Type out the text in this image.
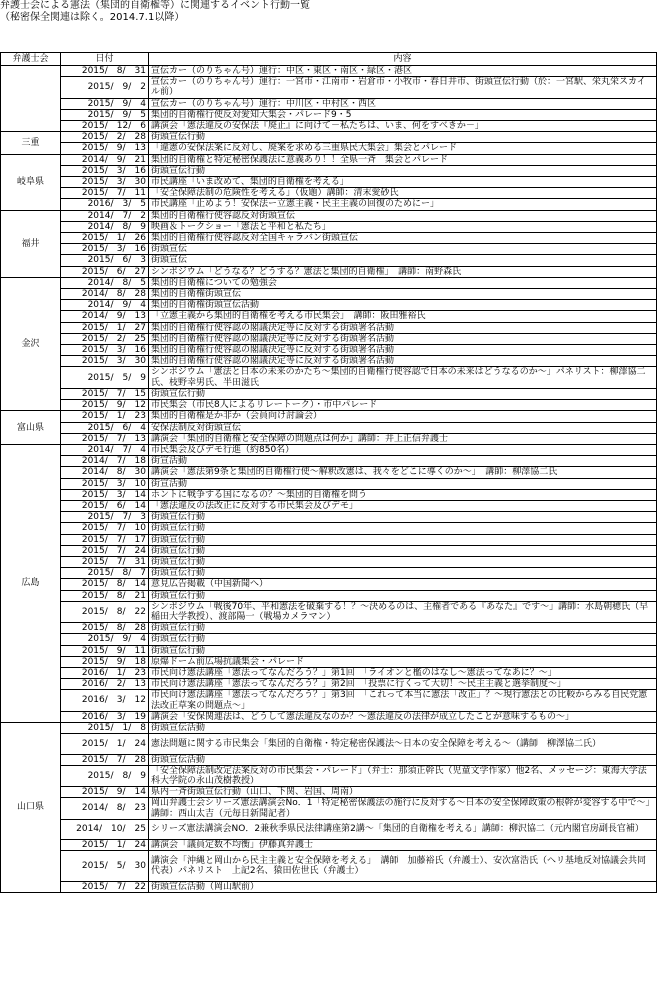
弁護士会による憲法（集団的自衛権等）に関連するイベント行動一覧
（秘密保全関連は除く。2014.7.1以降）
弁護士会	日付	内容
	2015/　8/　31	宣伝カー（のりちゃん号）運行：中区・東区・南区・緑区・港区
	2015/　9/　2	宣伝カー（のりちゃん号）運行：一宮市・江南市・岩倉市・小牧市・春日井市、街頭宣伝行動（於：一宮駅、栄丸栄スカイル前）
	2015/　9/　4	宣伝カー（のりちゃん号）運行：中川区・中村区・西区
	2015/　9/　5	集団的自衛権行使反対愛知大集会・パレード9・5
	2015/　12/　6	講演会「憲法違反の安保法『廃止』に向けて－私たちは、いま、何をすべきか－」
三重	2015/　2/　28	街頭宣伝行動
	2015/　9/　13	「違憲の安保法案に反対し、廃案を求める三重県民大集会」集会とパレード
岐阜県	2014/　9/　21	集団的自衛権と特定秘密保護法に意義あり！！全県一斉　集会とパレード
	2015/　3/　16	街頭宣伝行動
	2015/　3/　30	市民講座「いま改めて、集団的自衛権を考える」
	2015/　7/　11	「安全保障法制の危険性を考える」（仮題）講師：清末愛砂氏
	2016/　3/　5	市民講座「止めよう！安保法ー立憲主義・民主主義の回復のためにー」
福井	2014/　7/　2	集団的自衛権行使容認反対街頭宣伝
	2014/　8/　9	映画＆トークショー「憲法と平和と私たち」
	2015/　1/　26	集団的自衛権行使容認反対全国キャラバン街頭宣伝
	2015/　3/　16	街頭宣伝
	2015/　6/　3	街頭宣伝
	2015/　6/　27	シンポジウム「どうなる？どうする？憲法と集団的自衛権」　講師：南野森氏
金沢	2014/　8/　5	集団的自衛権についての勉強会
	2014/　8/　28	集団的自衛権街頭宣伝
	2014/　9/　4	集団的自衛権街頭宣伝活動
	2014/　9/　13	「立憲主義から集団的自衛権を考える市民集会」　講師：阪田雅裕氏
	2015/　1/　27	集団的自衛権行使容認の閣議決定等に反対する街頭署名活動
	2015/　2/　25	集団的自衛権行使容認の閣議決定等に反対する街頭署名活動
	2015/　3/　16	集団的自衛権行使容認の閣議決定等に反対する街頭署名活動
	2015/　3/　30	集団的自衛権行使容認の閣議決定等に反対する街頭署名活動
	2015/　5/　9	シンポジウム「憲法と日本の未来のかたち～集団的自衛権行使容認で日本の未来はどうなるのか～」パネリスト：柳澤協二氏、枝野幸男氏、半田滋氏
	2015/　7/　15	街頭宣伝行動
	2015/　9/　12	市民集会（市民8人によるリレートーク）・市中パレード
富山県	2015/　1/　23	集団的自衛権是か非か（会員向け討論会）
	2015/　6/　4	安保法制反対街頭宣伝
	2015/　7/　13	講演会「集団的自衛権と安全保障の問題点は何か」講師：井上正信弁護士
広島	2014/　7/　4	市民集会及びデモ行進（約850名）
	2014/　7/　18	街宣活動
	2014/　8/　30	講演会「憲法第9条と集団的自衛権行使～解釈改憲は、我々をどこに導くのか～」　講師：柳澤協二氏
	2015/　3/　10	街宣活動
	2015/　3/　14	ホントに戦争する国になるの？～集団的自衛権を問う
	2015/　6/　14	「憲法違反の法改正に反対する市民集会及びデモ」
	2015/　7/　3	街頭宣伝行動
	2015/　7/　10	街頭宣伝行動
	2015/　7/　17	街頭宣伝行動
	2015/　7/　24	街頭宣伝行動
	2015/　7/　31	街頭宣伝行動
	2015/　8/　7	街頭宣伝行動
	2015/　8/　14	意見広告掲載（中国新聞へ）
	2015/　8/　21	街頭宣伝行動
	2015/　8/　22	シンポジウム「戦後70年、平和憲法を破棄する！？～決めるのは、主権者である『あなた』です～」講師：水島朝穂氏（早稲田大学教授）、渡部陽一（戦場カメラマン）
	2015/　8/　28	街頭宣伝行動
	2015/　9/　4	街頭宣伝行動
	2015/　9/　11	街頭宣伝行動
	2015/　9/　18	原爆ドーム前広場抗議集会・パレード
	2016/　1/　23	市民向け憲法講座「憲法ってなんだろう？」第1回　「ライオンと檻のはなし～憲法ってなあに？～」
	2016/　2/　13	市民向け憲法講座「憲法ってなんだろう？」第2回　「投票に行くって大切！～民主主義と選挙制度～」
	2016/　3/　12	市民向け憲法講座「憲法ってなんだろう？」第3回　「これって本当に憲法「改正」？～現行憲法との比較からみる自民党憲法改正草案の問題点～」
	2016/　3/　19	講演会「安保関連法は、どうして憲法違反なのか？～憲法違反の法律が成立したことが意味するもの～」
山口県	2015/　1/　8	街頭宣伝活動
	2015/　1/　24	憲法問題に関する市民集会「集団的自衛権・特定秘密保護法～日本の安全保障を考える～（講師　柳澤協二氏）
	2015/　7/　28	街頭宣伝活動
	2015/　8/　9	「安全保障法制改定法案反対の市民集会・パレード」（弁士：那須正幹氏（児童文学作家）他2名、メッセージ：東海大学法科大学院の永山茂樹教授）
	2015/　9/　14	県内一斉街頭宣伝行動（山口、下関、岩国、周南）
	2014/　8/　23	岡山弁護士会シリーズ憲法講演会No．1「特定秘密保護法の施行に反対する～日本の安全保障政策の根幹が変容する中で～」講師：西山太吉（元毎日新聞記者）
	2014/　10/　25	シリーズ憲法講演会NO．2兼秋季県民法律講座第2講～「集団的自衛権を考える」講師：柳沢協二（元内閣官房副長官補）
	2015/　1/　24	講演会「議員定数不均衡」伊藤真弁護士
	2015/　5/　30	講演会「沖縄と岡山から民主主義と安全保障を考える」　講師　加藤裕氏（弁護士）、安次富浩氏（ヘリ基地反対協議会共同代表）パネリスト　上記2名、猿田佐世氏（弁護士）
	2015/　7/　22	街頭宣伝活動（岡山駅前）
